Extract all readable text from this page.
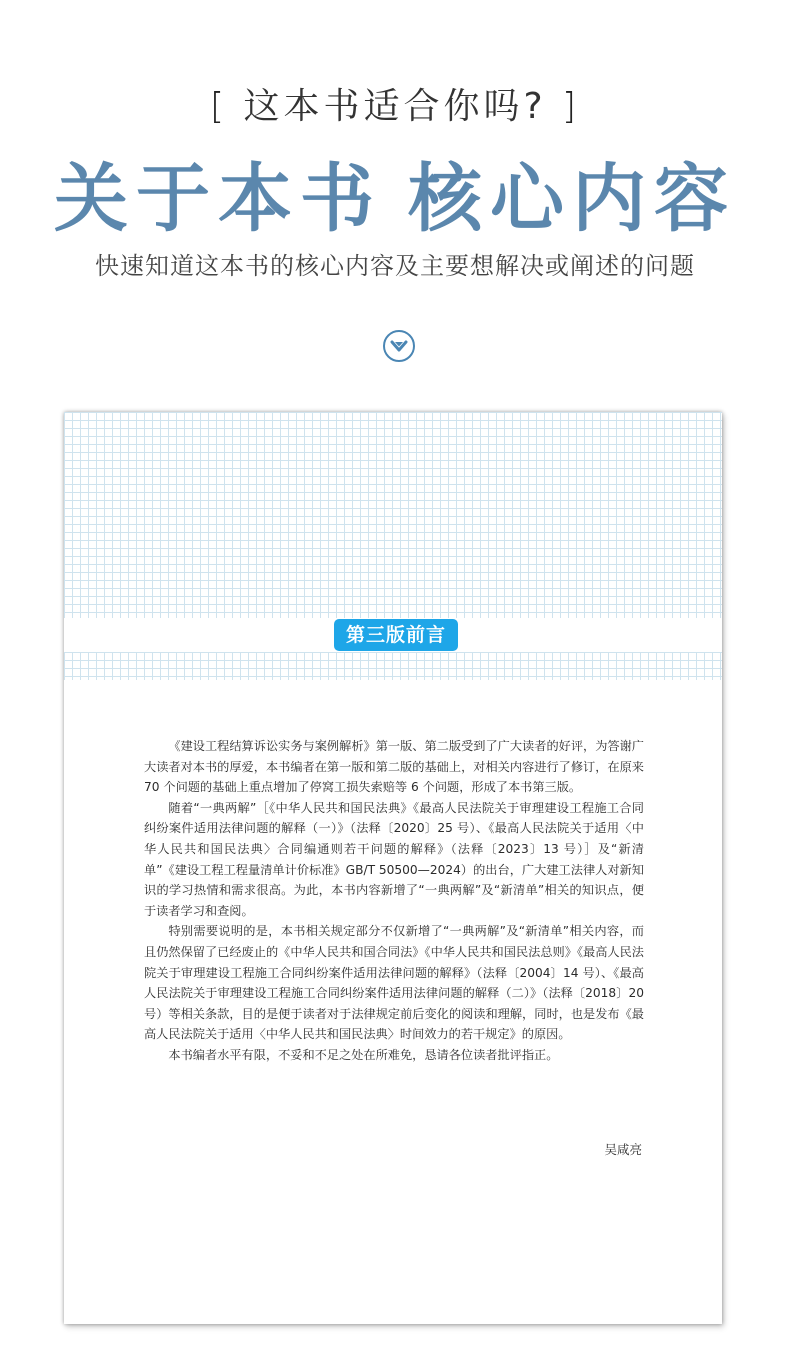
[ 这本书适合你吗? ]
关于本书 核心内容
快速知道这本书的核心内容及主要想解决或阐述的问题
第三版前言

《建设工程结算诉讼实务与案例解析》第一版、第二版受到了广大读者的好评，为答谢广大读者对本书的厚爱，本书编者在第一版和第二版的基础上，对相关内容进行了修订，在原来 70 个问题的基础上重点增加了停窝工损失索赔等 6 个问题，形成了本书第三版。

随着“一典两解”［《中华人民共和国民法典》《最高人民法院关于审理建设工程施工合同纠纷案件适用法律问题的解释（一）》（法释〔2020〕25 号）、《最高人民法院关于适用〈中华人民共和国民法典〉合同编通则若干问题的解释》（法释〔2023〕13 号）］及“新清单”《建设工程工程量清单计价标准》GB/T 50500—2024）的出台，广大建工法律人对新知识的学习热情和需求很高。为此，本书内容新增了“一典两解”及“新清单”相关的知识点，便于读者学习和查阅。

特别需要说明的是，本书相关规定部分不仅新增了“一典两解”及“新清单”相关内容，而且仍然保留了已经废止的《中华人民共和国合同法》《中华人民共和国民法总则》《最高人民法院关于审理建设工程施工合同纠纷案件适用法律问题的解释》（法释〔2004〕14 号）、《最高人民法院关于审理建设工程施工合同纠纷案件适用法律问题的解释（二）》（法释〔2018〕20 号）等相关条款，目的是便于读者对于法律规定前后变化的阅读和理解，同时，也是发布《最高人民法院关于适用〈中华人民共和国民法典〉时间效力的若干规定》的原因。

本书编者水平有限，不妥和不足之处在所难免，恳请各位读者批评指正。

吴咸亮
